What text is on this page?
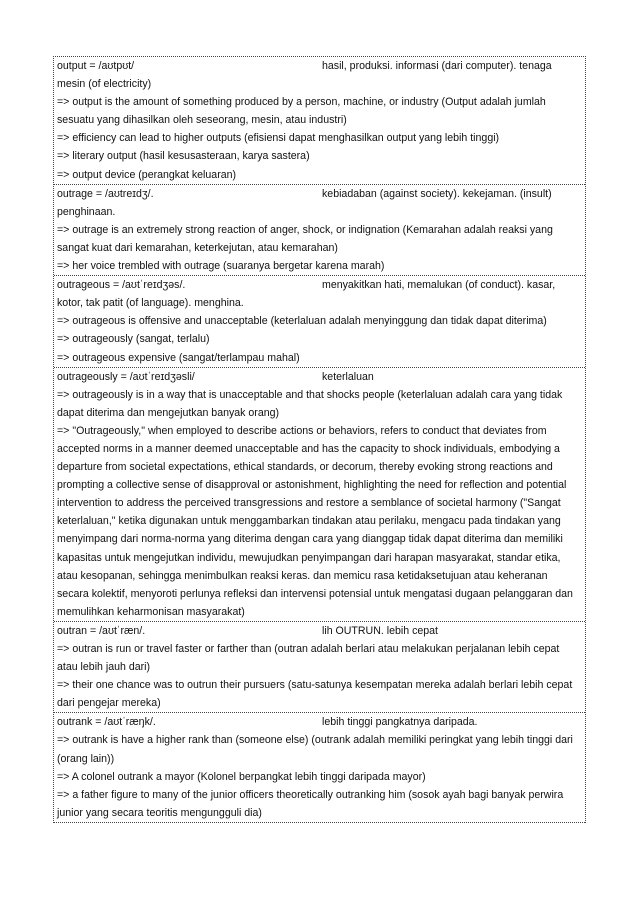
output = /aʊtpʊt/	hasil, produksi. informasi (dari computer). tenaga
mesin (of electricity)
=> output is the amount of something produced by a person, machine, or industry (Output adalah jumlah sesuatu yang dihasilkan oleh seseorang, mesin, atau industri)
=> efficiency can lead to higher outputs (efisiensi dapat menghasilkan output yang lebih tinggi)
=> literary output (hasil kesusasteraan, karya sastera)
=> output device (perangkat keluaran)
outrage = /aʊtreɪdʒ/.	kebiadaban (against society). kekejaman. (insult)
penghinaan.
=> outrage is an extremely strong reaction of anger, shock, or indignation (Kemarahan adalah reaksi yang sangat kuat dari kemarahan, keterkejutan, atau kemarahan)
=> her voice trembled with outrage (suaranya bergetar karena marah)
outrageous = /aʊtˈreɪdʒəs/.	menyakitkan hati, memalukan (of conduct). kasar,
kotor, tak patit (of language). menghina.
=> outrageous is offensive and unacceptable (keterlaluan adalah menyinggung dan tidak dapat diterima)
=> outrageously (sangat, terlalu)
=> outrageous expensive (sangat/terlampau mahal)
outrageously = /aʊtˈreɪdʒəsli/	keterlaluan
=> outrageously is in a way that is unacceptable and that shocks people (keterlaluan adalah cara yang tidak dapat diterima dan mengejutkan banyak orang)
=> "Outrageously," when employed to describe actions or behaviors, refers to conduct that deviates from accepted norms in a manner deemed unacceptable and has the capacity to shock individuals, embodying a departure from societal expectations, ethical standards, or decorum, thereby evoking strong reactions and prompting a collective sense of disapproval or astonishment, highlighting the need for reflection and potential intervention to address the perceived transgressions and restore a semblance of societal harmony ("Sangat keterlaluan," ketika digunakan untuk menggambarkan tindakan atau perilaku, mengacu pada tindakan yang menyimpang dari norma-norma yang diterima dengan cara yang dianggap tidak dapat diterima dan memiliki kapasitas untuk mengejutkan individu, mewujudkan penyimpangan dari harapan masyarakat, standar etika, atau kesopanan, sehingga menimbulkan reaksi keras. dan memicu rasa ketidaksetujuan atau keheranan secara kolektif, menyoroti perlunya refleksi dan intervensi potensial untuk mengatasi dugaan pelanggaran dan memulihkan keharmonisan masyarakat)
outran = /aʊtˈræn/.	lih OUTRUN. lebih cepat
=> outran is run or travel faster or farther than (outran adalah berlari atau melakukan perjalanan lebih cepat atau lebih jauh dari)
=> their one chance was to outrun their pursuers (satu-satunya kesempatan mereka adalah berlari lebih cepat dari pengejar mereka)
outrank = /aʊtˈræŋk/.	lebih tinggi pangkatnya daripada.
=> outrank is have a higher rank than (someone else) (outrank adalah memiliki peringkat yang lebih tinggi dari (orang lain))
=> A colonel outrank a mayor (Kolonel berpangkat lebih tinggi daripada mayor)
=> a father figure to many of the junior officers theoretically outranking him (sosok ayah bagi banyak perwira junior yang secara teoritis mengungguli dia)
